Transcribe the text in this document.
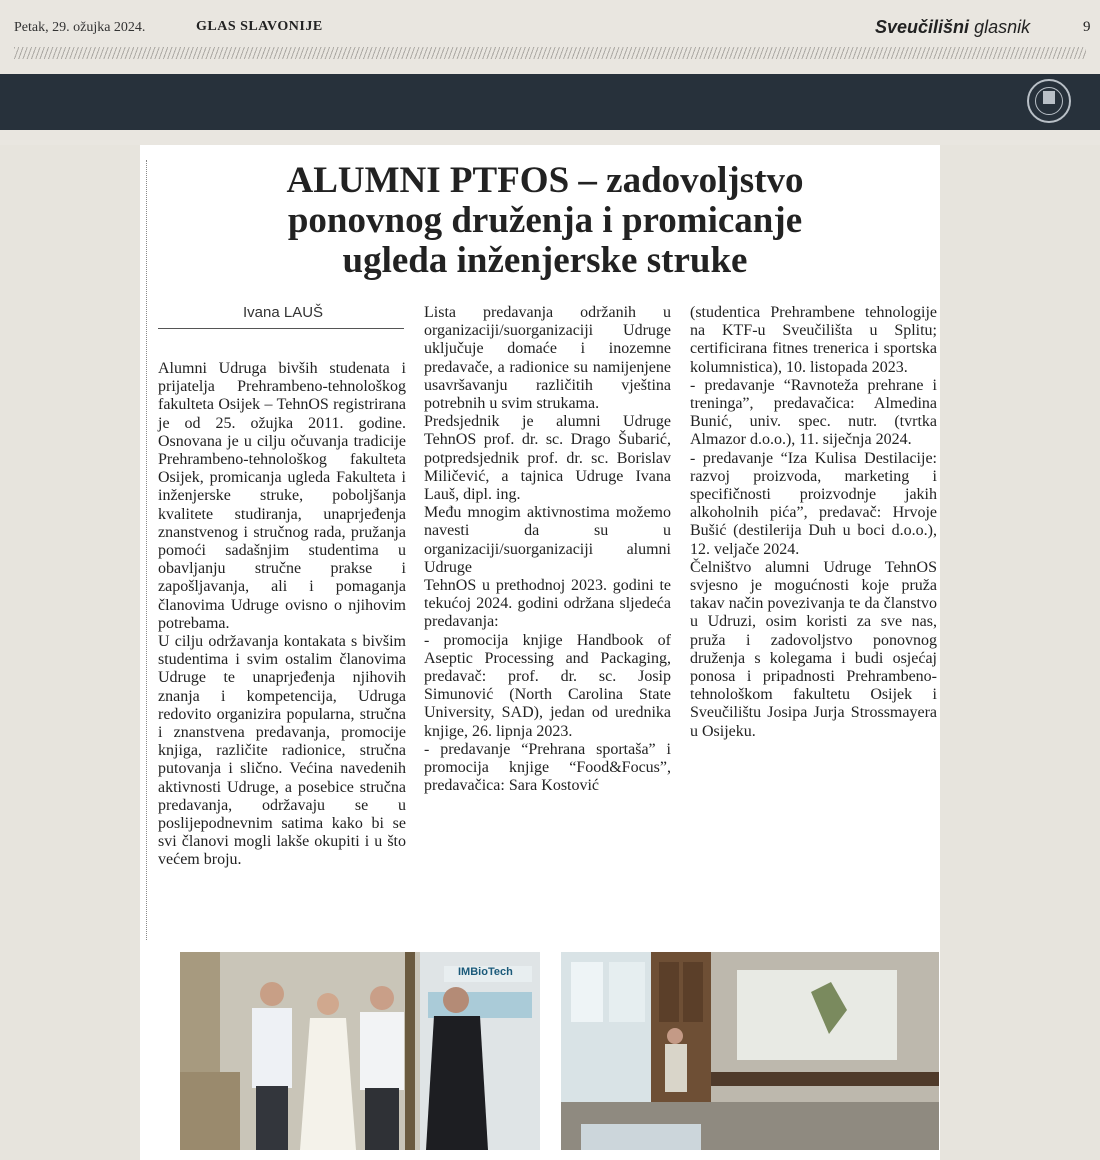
Petak, 29. ožujka 2024.	GLAS SLAVONIJE	Sveučilišni glasnik	9
ALUMNI PTFOS – zadovoljstvo
ponovnog druženja i promicanje
ugleda inženjerske struke
Ivana LAUŠ
Alumni Udruga bivših studenata i prijatelja Prehrambeno-tehnološkog fakulteta Osijek – TehnOS registrirana je od 25. ožujka 2011. godine. Osnovana je u cilju očuvanja tradicije Prehrambeno-tehnološkog fakulteta Osijek, promicanja ugleda Fakulteta i inženjerske struke, poboljšanja kvalitete studiranja, unaprjeđenja znanstvenog i stručnog rada, pružanja pomoći sadašnjim studentima u obavljanju stručne prakse i zapošljavanja, ali i pomaganja članovima Udruge ovisno o njihovim potrebama.
U cilju održavanja kontakata s bivšim studentima i svim ostalim članovima Udruge te unaprjeđenja njihovih znanja i kompetencija, Udruga redovito organizira popularna, stručna i znanstvena predavanja, promocije knjiga, različite radionice, stručna putovanja i slično. Većina navedenih aktivnosti Udruge, a posebice stručna predavanja, održavaju se u poslijepodnevnim satima kako bi se svi članovi mogli lakše okupiti i u što većem broju.
Lista predavanja održanih u organizaciji/suorganizaciji Udruge uključuje domaće i inozemne predavače, a radionice su namijenjene usavršavanju različitih vještina potrebnih u svim strukama.
Predsjednik je alumni Udruge TehnOS prof. dr. sc. Drago Šubarić, potpredsjednik prof. dr. sc. Borislav Miličević, a tajnica Udruge Ivana Lauš, dipl. ing.
Među mnogim aktivnostima možemo navesti da su u organizaciji/suorganizaciji alumni Udruge
TehnOS u prethodnoj 2023. godini te tekućoj 2024. godini održana sljedeća predavanja:
- promocija knjige Handbook of Aseptic Processing and Packaging, predavač: prof. dr. sc. Josip Simunović (North Carolina State University, SAD), jedan od urednika knjige, 26. lipnja 2023.
- predavanje “Prehrana sportaša” i promocija knjige “Food&Focus”, predavačica: Sara Kostović
(studentica Prehrambene tehnologije na KTF-u Sveučilišta u Splitu; certificirana fitnes trenerica i sportska kolumnistica), 10. listopada 2023.
- predavanje “Ravnoteža prehrane i treninga”, predavačica: Almedina Bunić, univ. spec. nutr. (tvrtka Almazor d.o.o.), 11. siječnja 2024.
- predavanje “Iza Kulisa Destilacije: razvoj proizvoda, marketing i specifičnosti proizvodnje jakih alkoholnih pića”, predavač: Hrvoje Bušić (destilerija Duh u boci d.o.o.), 12. veljače 2024.
Čelništvo alumni Udruge TehnOS svjesno je mogućnosti koje pruža takav način povezivanja te da članstvo u Udruzi, osim koristi za sve nas, pruža i zadovoljstvo ponovnog druženja s kolegama i budi osjećaj ponosa i pripadnosti Prehrambeno-tehnološkom fakultetu Osijek i Sveučilištu Josipa Jurja Strossmayera u Osijeku.
IMBioTech
